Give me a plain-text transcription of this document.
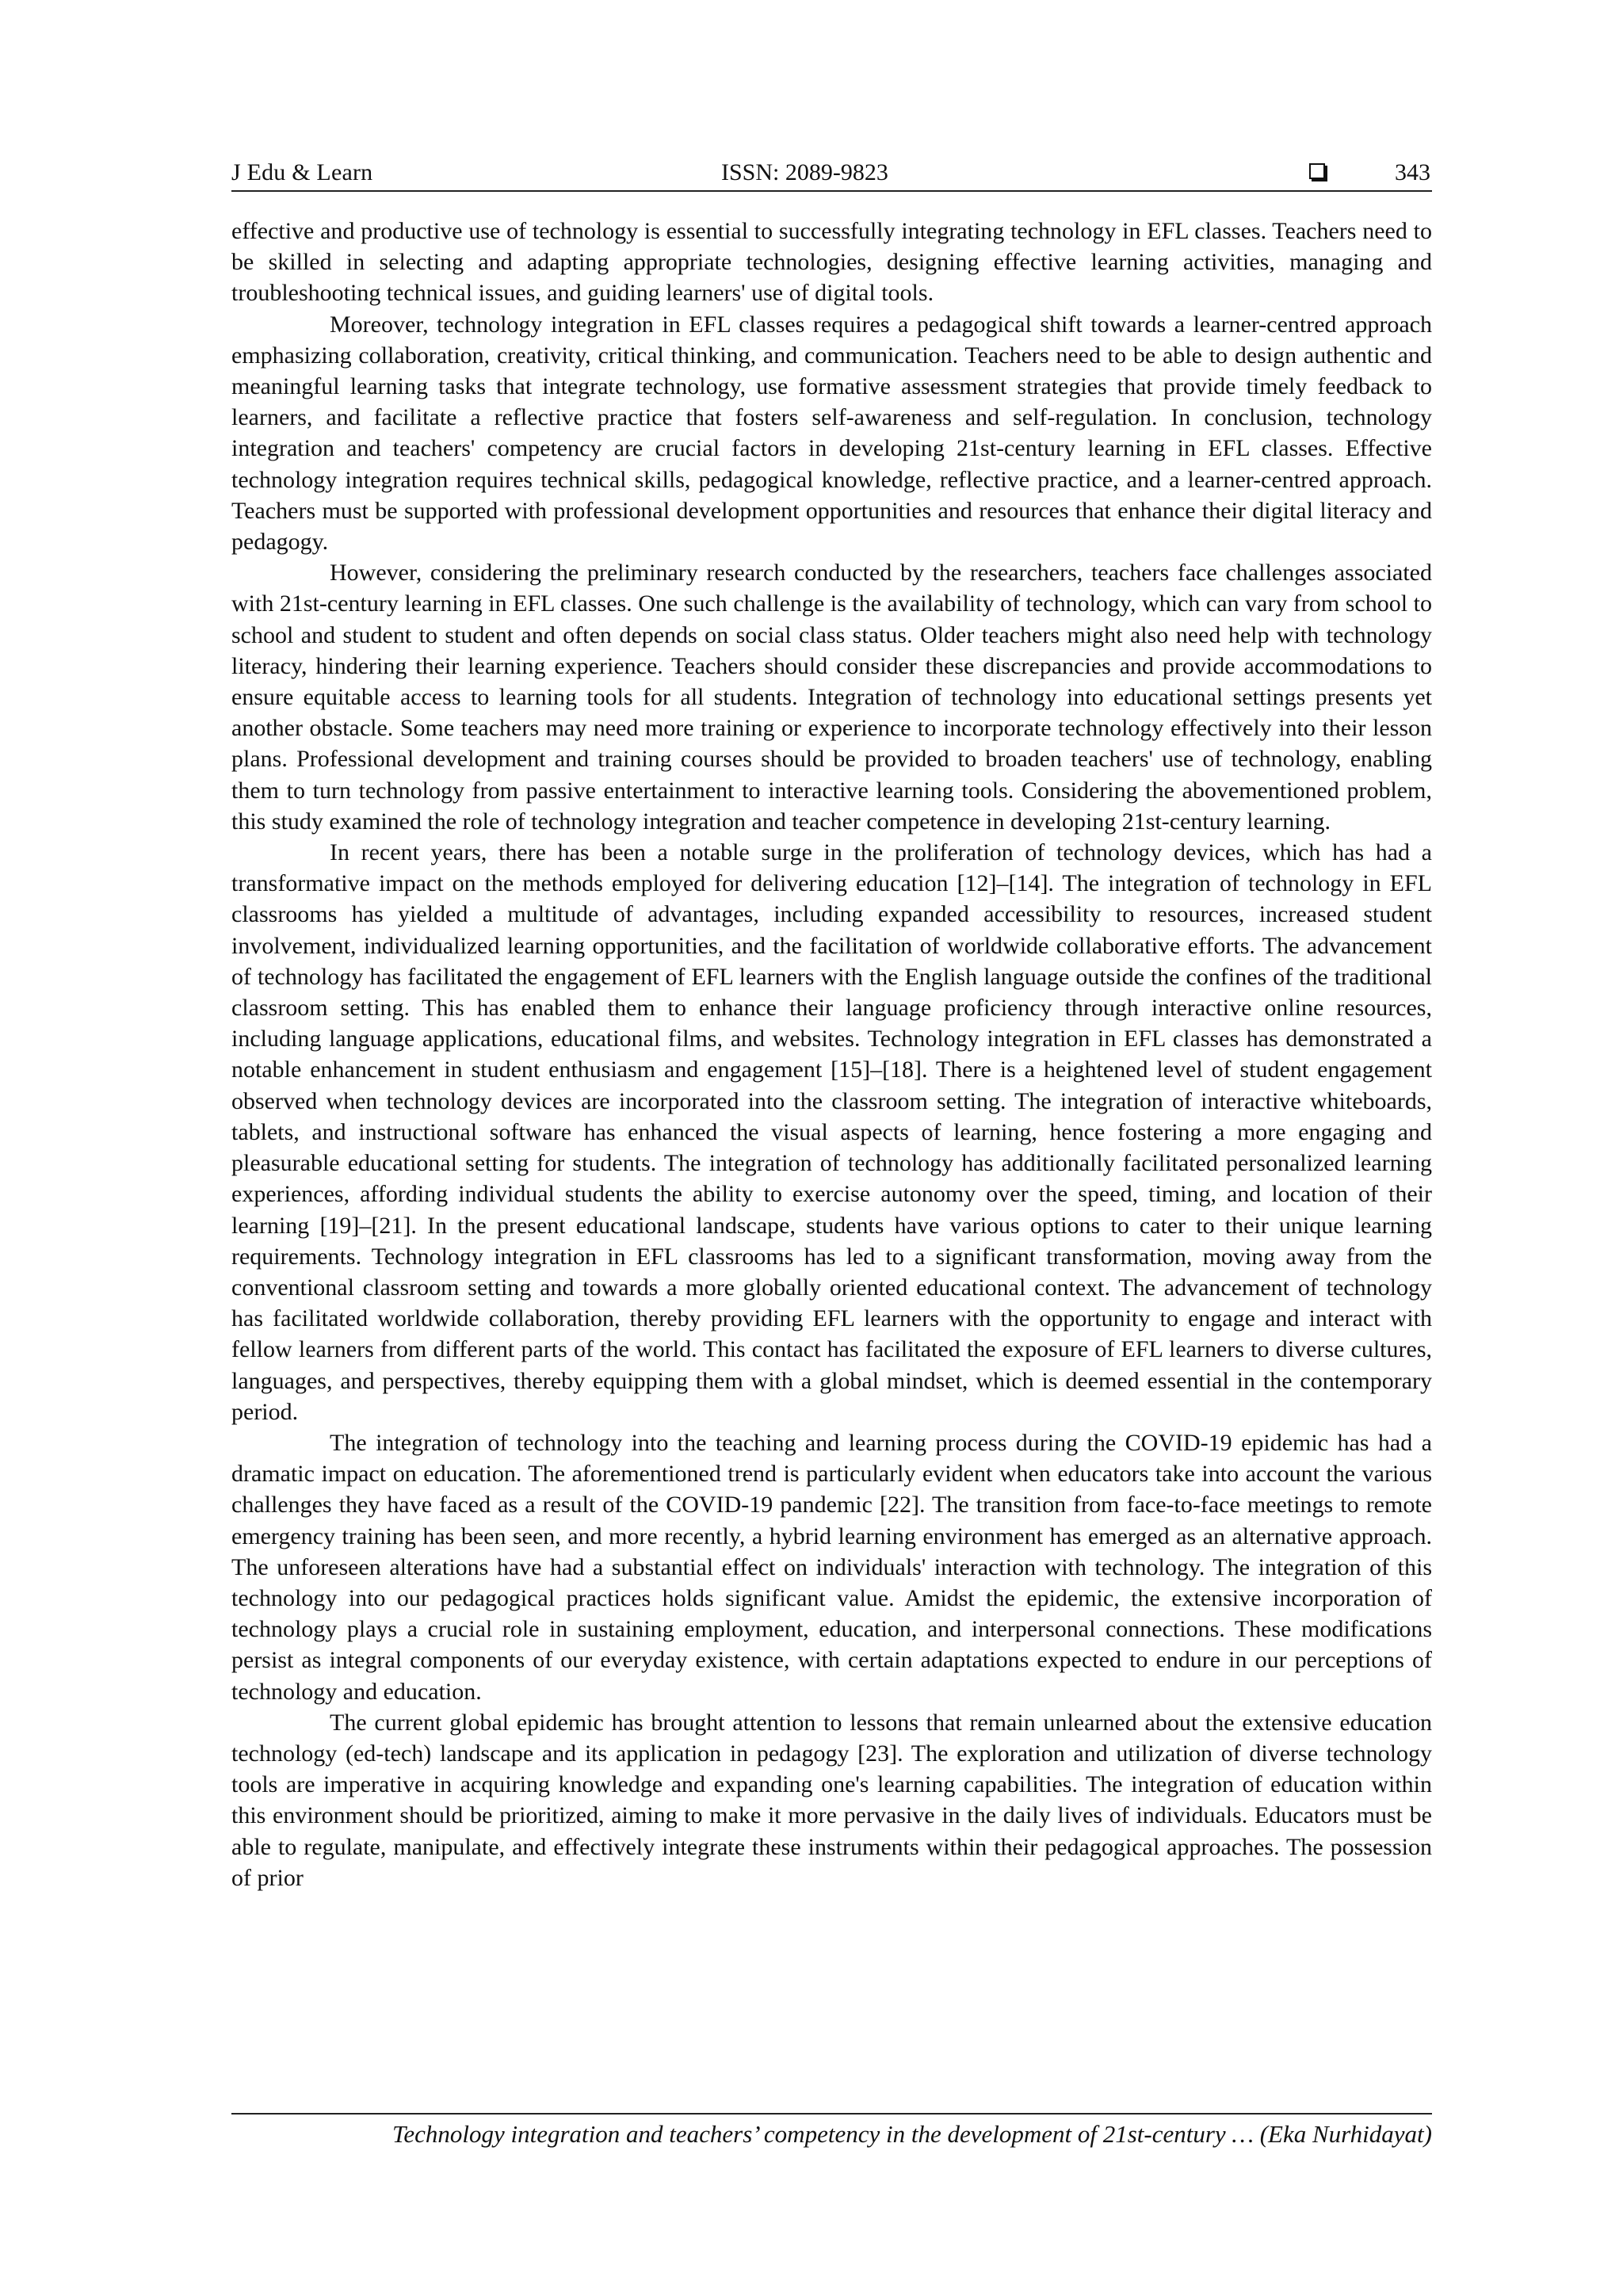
J Edu & Learn	ISSN: 2089-9823	343

effective and productive use of technology is essential to successfully integrating technology in EFL classes. Teachers need to be skilled in selecting and adapting appropriate technologies, designing effective learning activities, managing and troubleshooting technical issues, and guiding learners' use of digital tools.

Moreover, technology integration in EFL classes requires a pedagogical shift towards a learner-centred approach emphasizing collaboration, creativity, critical thinking, and communication. Teachers need to be able to design authentic and meaningful learning tasks that integrate technology, use formative assessment strategies that provide timely feedback to learners, and facilitate a reflective practice that fosters self-awareness and self-regulation. In conclusion, technology integration and teachers' competency are crucial factors in developing 21st-century learning in EFL classes. Effective technology integration requires technical skills, pedagogical knowledge, reflective practice, and a learner-centred approach. Teachers must be supported with professional development opportunities and resources that enhance their digital literacy and pedagogy.

However, considering the preliminary research conducted by the researchers, teachers face challenges associated with 21st-century learning in EFL classes. One such challenge is the availability of technology, which can vary from school to school and student to student and often depends on social class status. Older teachers might also need help with technology literacy, hindering their learning experience. Teachers should consider these discrepancies and provide accommodations to ensure equitable access to learning tools for all students. Integration of technology into educational settings presents yet another obstacle. Some teachers may need more training or experience to incorporate technology effectively into their lesson plans. Professional development and training courses should be provided to broaden teachers' use of technology, enabling them to turn technology from passive entertainment to interactive learning tools. Considering the abovementioned problem, this study examined the role of technology integration and teacher competence in developing 21st-century learning.

In recent years, there has been a notable surge in the proliferation of technology devices, which has had a transformative impact on the methods employed for delivering education [12]–[14]. The integration of technology in EFL classrooms has yielded a multitude of advantages, including expanded accessibility to resources, increased student involvement, individualized learning opportunities, and the facilitation of worldwide collaborative efforts. The advancement of technology has facilitated the engagement of EFL learners with the English language outside the confines of the traditional classroom setting. This has enabled them to enhance their language proficiency through interactive online resources, including language applications, educational films, and websites. Technology integration in EFL classes has demonstrated a notable enhancement in student enthusiasm and engagement [15]–[18]. There is a heightened level of student engagement observed when technology devices are incorporated into the classroom setting. The integration of interactive whiteboards, tablets, and instructional software has enhanced the visual aspects of learning, hence fostering a more engaging and pleasurable educational setting for students. The integration of technology has additionally facilitated personalized learning experiences, affording individual students the ability to exercise autonomy over the speed, timing, and location of their learning [19]–[21]. In the present educational landscape, students have various options to cater to their unique learning requirements. Technology integration in EFL classrooms has led to a significant transformation, moving away from the conventional classroom setting and towards a more globally oriented educational context. The advancement of technology has facilitated worldwide collaboration, thereby providing EFL learners with the opportunity to engage and interact with fellow learners from different parts of the world. This contact has facilitated the exposure of EFL learners to diverse cultures, languages, and perspectives, thereby equipping them with a global mindset, which is deemed essential in the contemporary period.

The integration of technology into the teaching and learning process during the COVID-19 epidemic has had a dramatic impact on education. The aforementioned trend is particularly evident when educators take into account the various challenges they have faced as a result of the COVID-19 pandemic [22]. The transition from face-to-face meetings to remote emergency training has been seen, and more recently, a hybrid learning environment has emerged as an alternative approach. The unforeseen alterations have had a substantial effect on individuals' interaction with technology. The integration of this technology into our pedagogical practices holds significant value. Amidst the epidemic, the extensive incorporation of technology plays a crucial role in sustaining employment, education, and interpersonal connections. These modifications persist as integral components of our everyday existence, with certain adaptations expected to endure in our perceptions of technology and education.

The current global epidemic has brought attention to lessons that remain unlearned about the extensive education technology (ed-tech) landscape and its application in pedagogy [23]. The exploration and utilization of diverse technology tools are imperative in acquiring knowledge and expanding one's learning capabilities. The integration of education within this environment should be prioritized, aiming to make it more pervasive in the daily lives of individuals. Educators must be able to regulate, manipulate, and effectively integrate these instruments within their pedagogical approaches. The possession of prior

Technology integration and teachers’ competency in the development of 21st-century … (Eka Nurhidayat)
